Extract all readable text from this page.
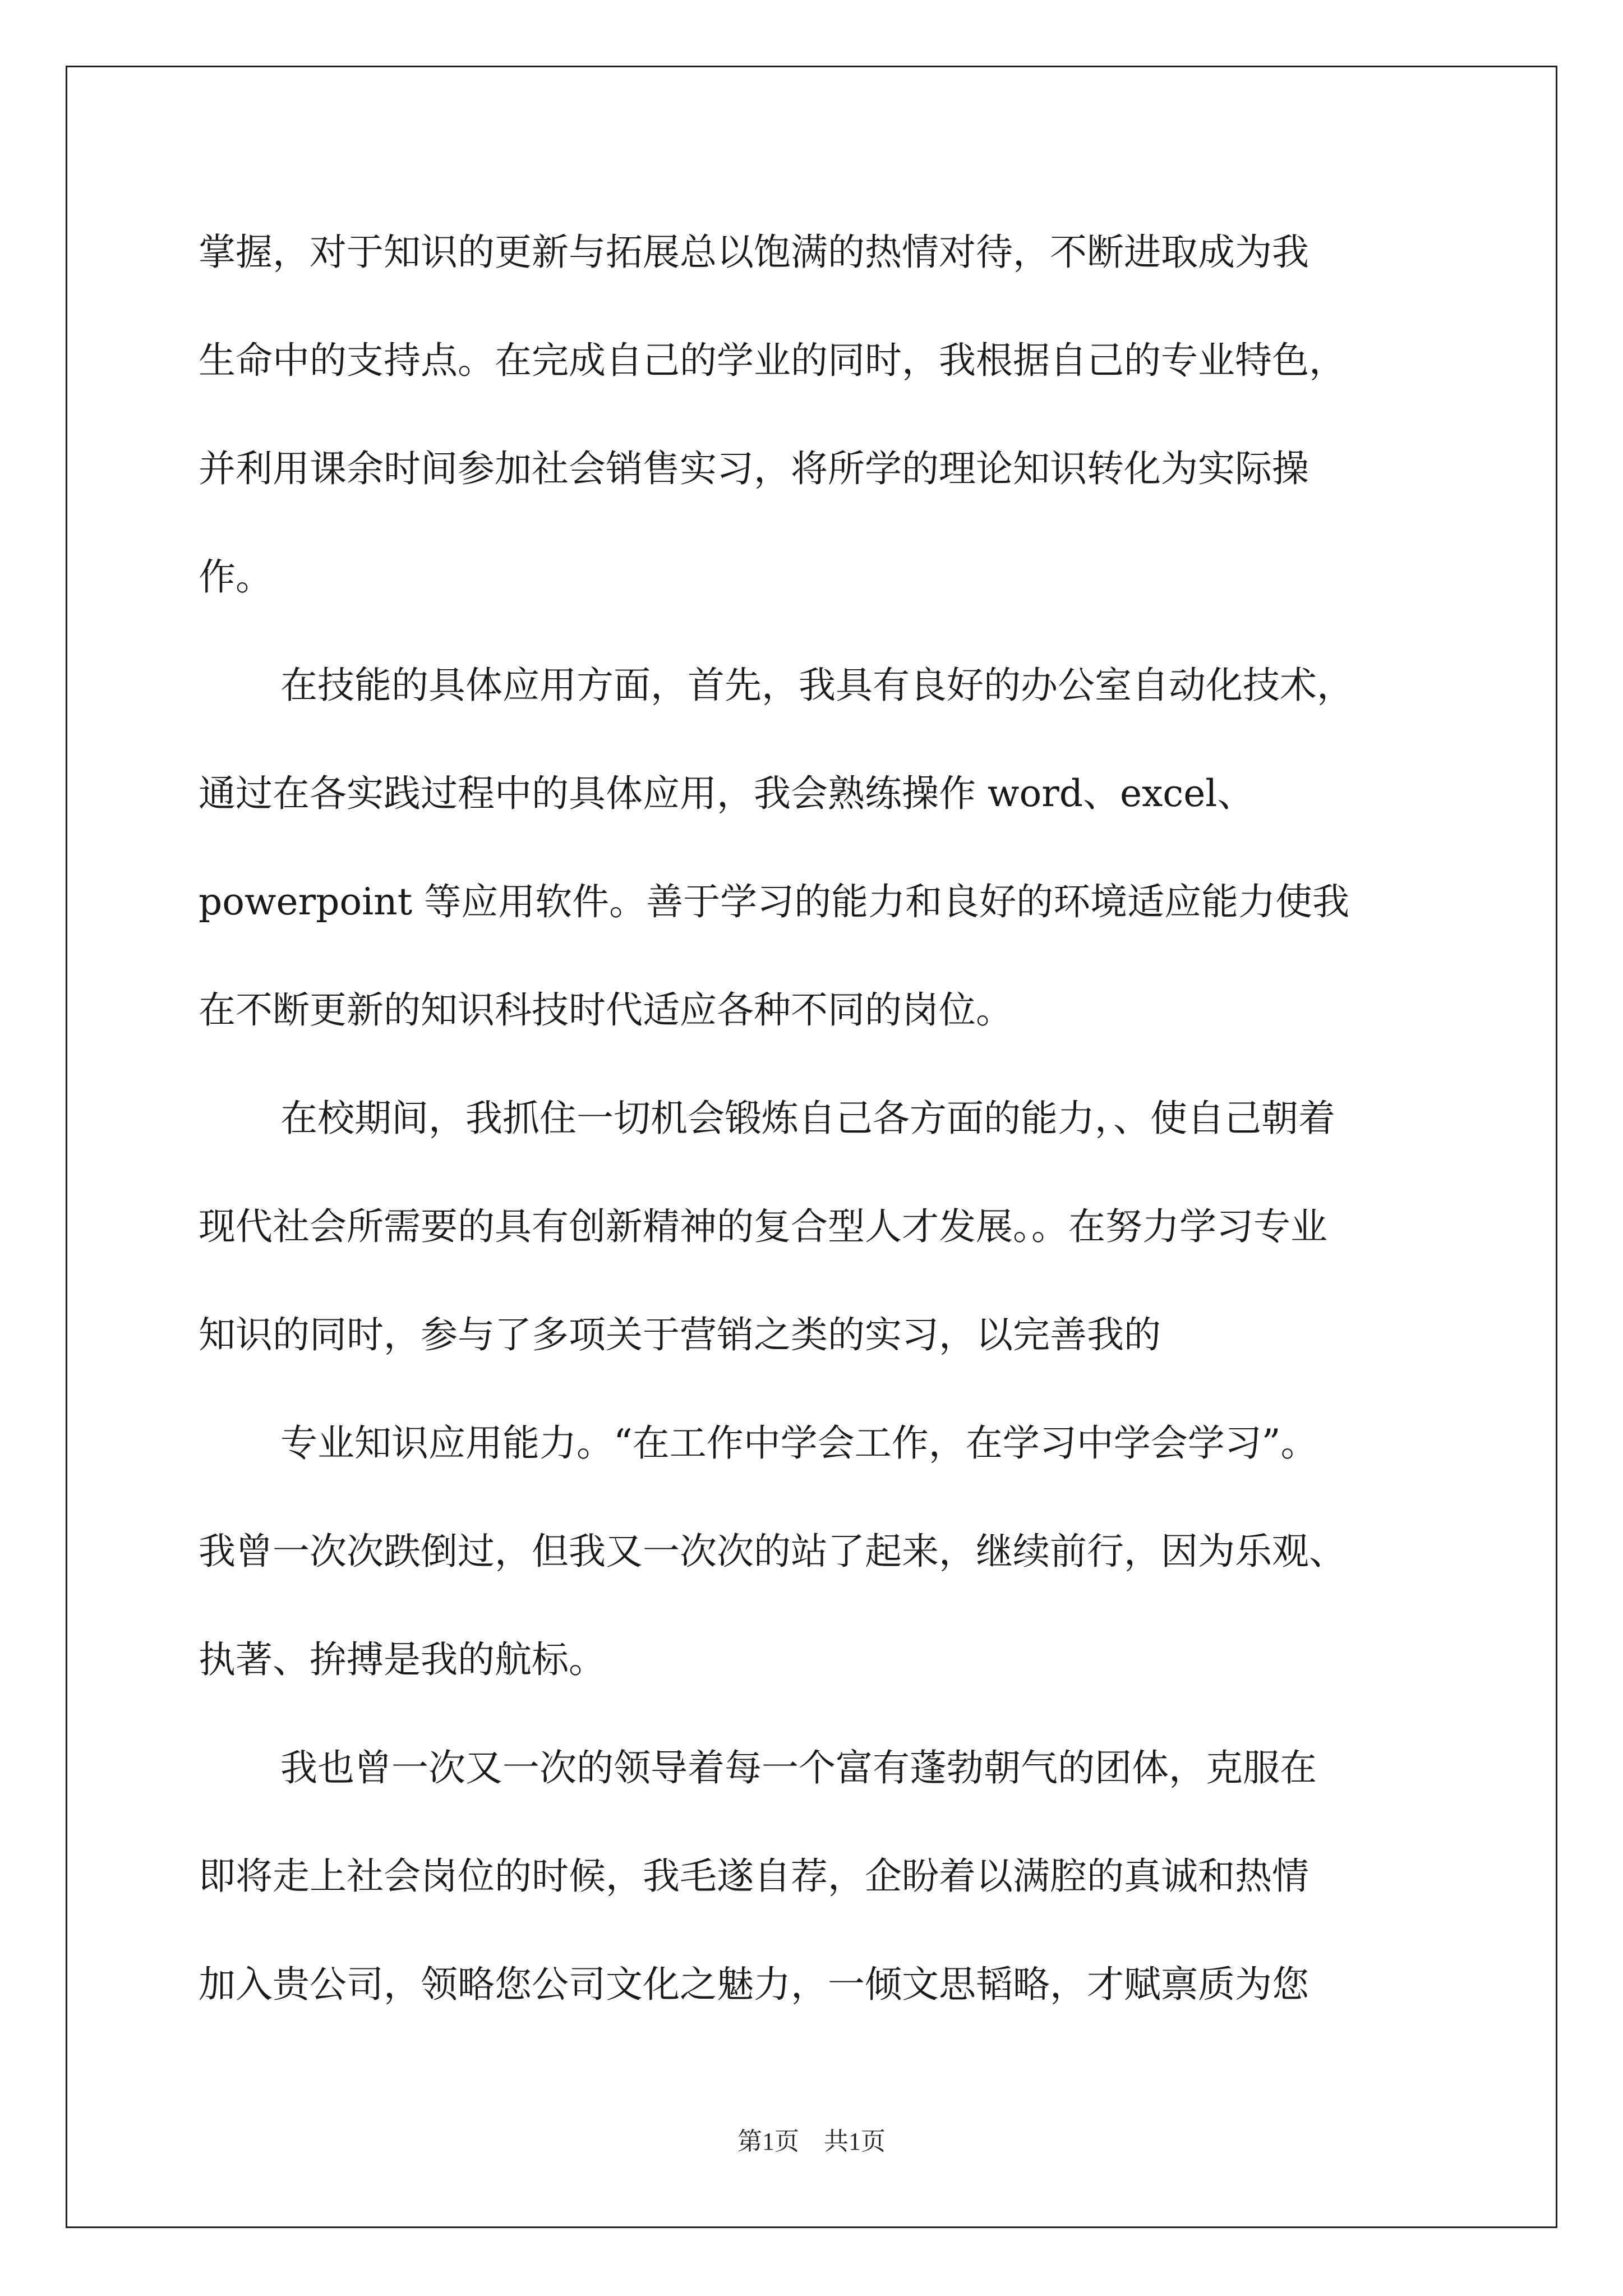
掌握，对于知识的更新与拓展总以饱满的热情对待，不断进取成为我
生命中的支持点。在完成自己的学业的同时，我根据自己的专业特色，
并利用课余时间参加社会销售实习，将所学的理论知识转化为实际操
作。
在技能的具体应用方面，首先，我具有良好的办公室自动化技术，
通过在各实践过程中的具体应用，我会熟练操作 word、excel、
powerpoint 等应用软件。善于学习的能力和良好的环境适应能力使我
在不断更新的知识科技时代适应各种不同的岗位。
在校期间，我抓住一切机会锻炼自己各方面的能力，、使自己朝着
现代社会所需要的具有创新精神的复合型人才发展。。在努力学习专业
知识的同时，参与了多项关于营销之类的实习，以完善我的
专业知识应用能力。“在工作中学会工作，在学习中学会学习”。
我曾一次次跌倒过，但我又一次次的站了起来，继续前行，因为乐观、
执著、拚搏是我的航标。
我也曾一次又一次的领导着每一个富有蓬勃朝气的团体，克服在
即将走上社会岗位的时候，我毛遂自荐，企盼着以满腔的真诚和热情
加入贵公司，领略您公司文化之魅力，一倾文思韬略，才赋禀质为您
第1页　共1页
